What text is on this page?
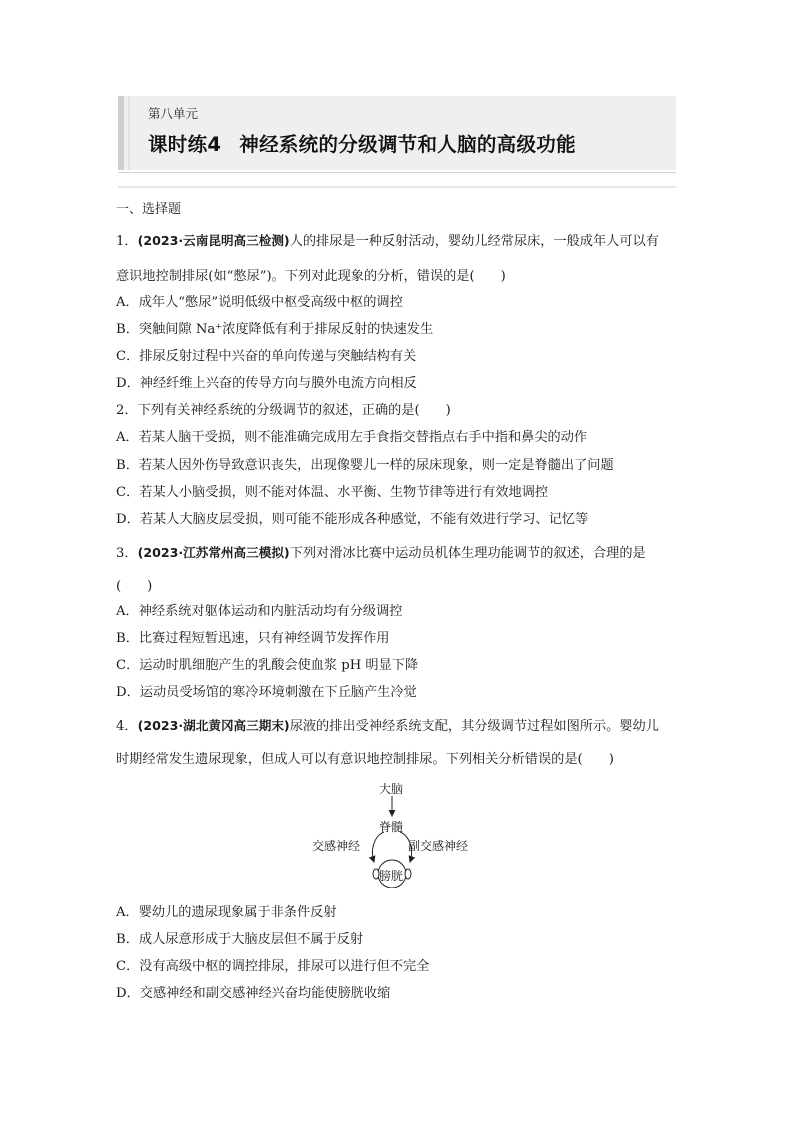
第八单元
课时练4 神经系统的分级调节和人脑的高级功能
一、选择题
1．(2023·云南昆明高三检测)人的排尿是一种反射活动，婴幼儿经常尿床，一般成年人可以有
意识地控制排尿(如“憋尿”)。下列对此现象的分析，错误的是( )
A．成年人“憋尿”说明低级中枢受高级中枢的调控
B．突触间隙 Na⁺浓度降低有利于排尿反射的快速发生
C．排尿反射过程中兴奋的单向传递与突触结构有关
D．神经纤维上兴奋的传导方向与膜外电流方向相反
2．下列有关神经系统的分级调节的叙述，正确的是( )
A．若某人脑干受损，则不能准确完成用左手食指交替指点右手中指和鼻尖的动作
B．若某人因外伤导致意识丧失，出现像婴儿一样的尿床现象，则一定是脊髓出了问题
C．若某人小脑受损，则不能对体温、水平衡、生物节律等进行有效地调控
D．若某人大脑皮层受损，则可能不能形成各种感觉，不能有效进行学习、记忆等
3．(2023·江苏常州高三模拟)下列对滑冰比赛中运动员机体生理功能调节的叙述，合理的是
( )
A．神经系统对躯体运动和内脏活动均有分级调控
B．比赛过程短暂迅速，只有神经调节发挥作用
C．运动时肌细胞产生的乳酸会使血浆 pH 明显下降
D．运动员受场馆的寒冷环境刺激在下丘脑产生冷觉
4．(2023·湖北黄冈高三期末)尿液的排出受神经系统支配，其分级调节过程如图所示。婴幼儿
时期经常发生遗尿现象，但成人可以有意识地控制排尿。下列相关分析错误的是( )
大脑
脊髓
交感神经	副交感神经
膀胱
A．婴幼儿的遗尿现象属于非条件反射
B．成人尿意形成于大脑皮层但不属于反射
C．没有高级中枢的调控排尿，排尿可以进行但不完全
D．交感神经和副交感神经兴奋均能使膀胱收缩
